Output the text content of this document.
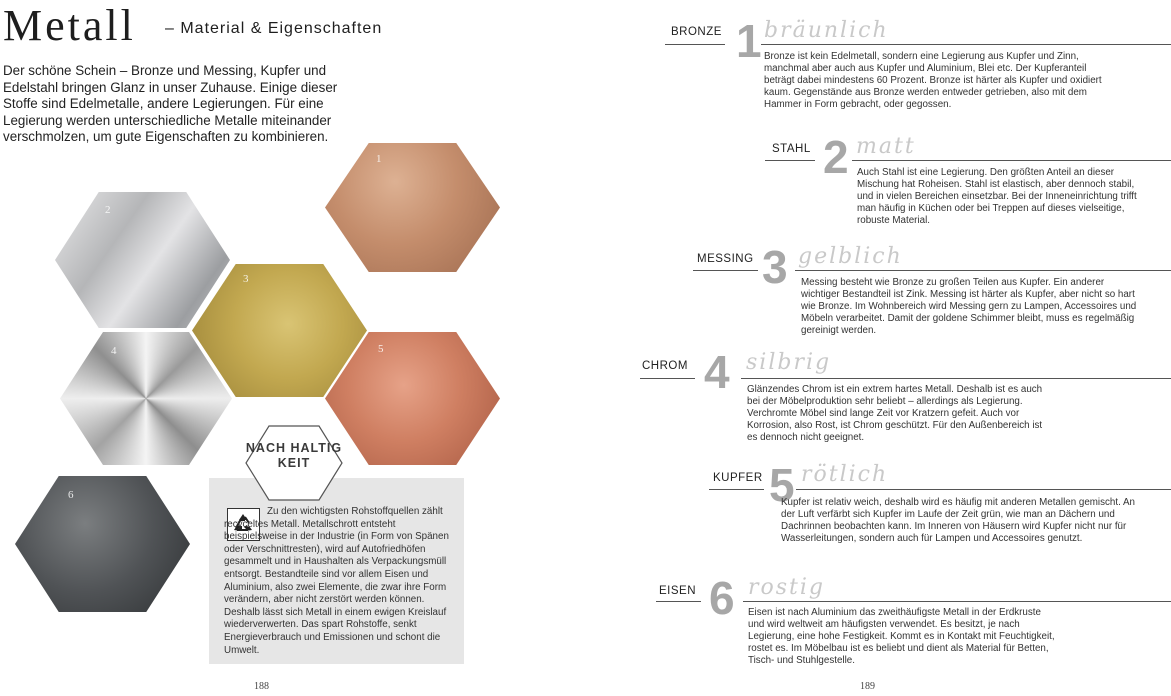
Metall – Material & Eigenschaften

Der schöne Schein – Bronze und Messing, Kupfer und Edelstahl bringen Glanz in unser Zuhause. Einige dieser Stoffe sind Edelmetalle, andere Legierungen. Für eine Legierung werden unterschiedliche Metalle miteinander verschmolzen, um gute Eigenschaften zu kombinieren.

1
2
3
4	5
6
NACH HALTIG KEIT

Zu den wichtigsten Rohstoffquellen zählt recyceltes Metall. Metallschrott entsteht beispielsweise in der Industrie (in Form von Spänen oder Verschnittresten), wird auf Autofriedhöfen gesammelt und in Haushalten als Verpackungsmüll entsorgt. Bestandteile sind vor allem Eisen und Aluminium, also zwei Elemente, die zwar ihre Form verändern, aber nicht zerstört werden können. Deshalb lässt sich Metall in einem ewigen Kreislauf wiederverwerten. Das spart Rohstoffe, senkt Energieverbrauch und Emissionen und schont die Umwelt.

188
BRONZE 1 bräunlich

Bronze ist kein Edelmetall, sondern eine Legierung aus Kupfer und Zinn, manchmal aber auch aus Kupfer und Aluminium, Blei etc. Der Kupferanteil beträgt dabei mindestens 60 Prozent. Bronze ist härter als Kupfer und oxidiert kaum. Gegenstände aus Bronze werden entweder getrieben, also mit dem Hammer in Form gebracht, oder gegossen.

STAHL 2 matt

Auch Stahl ist eine Legierung. Den größten Anteil an dieser Mischung hat Roheisen. Stahl ist elastisch, aber dennoch stabil, und in vielen Bereichen einsetzbar. Bei der Inneneinrichtung trifft man häufig in Küchen oder bei Treppen auf dieses vielseitige, robuste Material.

MESSING 3 gelblich

Messing besteht wie Bronze zu großen Teilen aus Kupfer. Ein anderer wichtiger Bestandteil ist Zink. Messing ist härter als Kupfer, aber nicht so hart wie Bronze. Im Wohnbereich wird Messing gern zu Lampen, Accessoires und Möbeln verarbeitet. Damit der goldene Schimmer bleibt, muss es regelmäßig gereinigt werden.

CHROM 4 silbrig

Glänzendes Chrom ist ein extrem hartes Metall. Deshalb ist es auch bei der Möbelproduktion sehr beliebt – allerdings als Legierung. Verchromte Möbel sind lange Zeit vor Kratzern gefeit. Auch vor Korrosion, also Rost, ist Chrom geschützt. Für den Außenbereich ist es dennoch nicht geeignet.

KUPFER 5 rötlich

Kupfer ist relativ weich, deshalb wird es häufig mit anderen Metallen gemischt. An der Luft verfärbt sich Kupfer im Laufe der Zeit grün, wie man an Dächern und Dachrinnen beobachten kann. Im Inneren von Häusern wird Kupfer nicht nur für Wasserleitungen, sondern auch für Lampen und Accessoires genutzt.

EISEN 6 rostig

Eisen ist nach Aluminium das zweithäufigste Metall in der Erdkruste und wird weltweit am häufigsten verwendet. Es besitzt, je nach Legierung, eine hohe Festigkeit. Kommt es in Kontakt mit Feuchtigkeit, rostet es. Im Möbelbau ist es beliebt und dient als Material für Betten, Tisch- und Stuhlgestelle.

189
